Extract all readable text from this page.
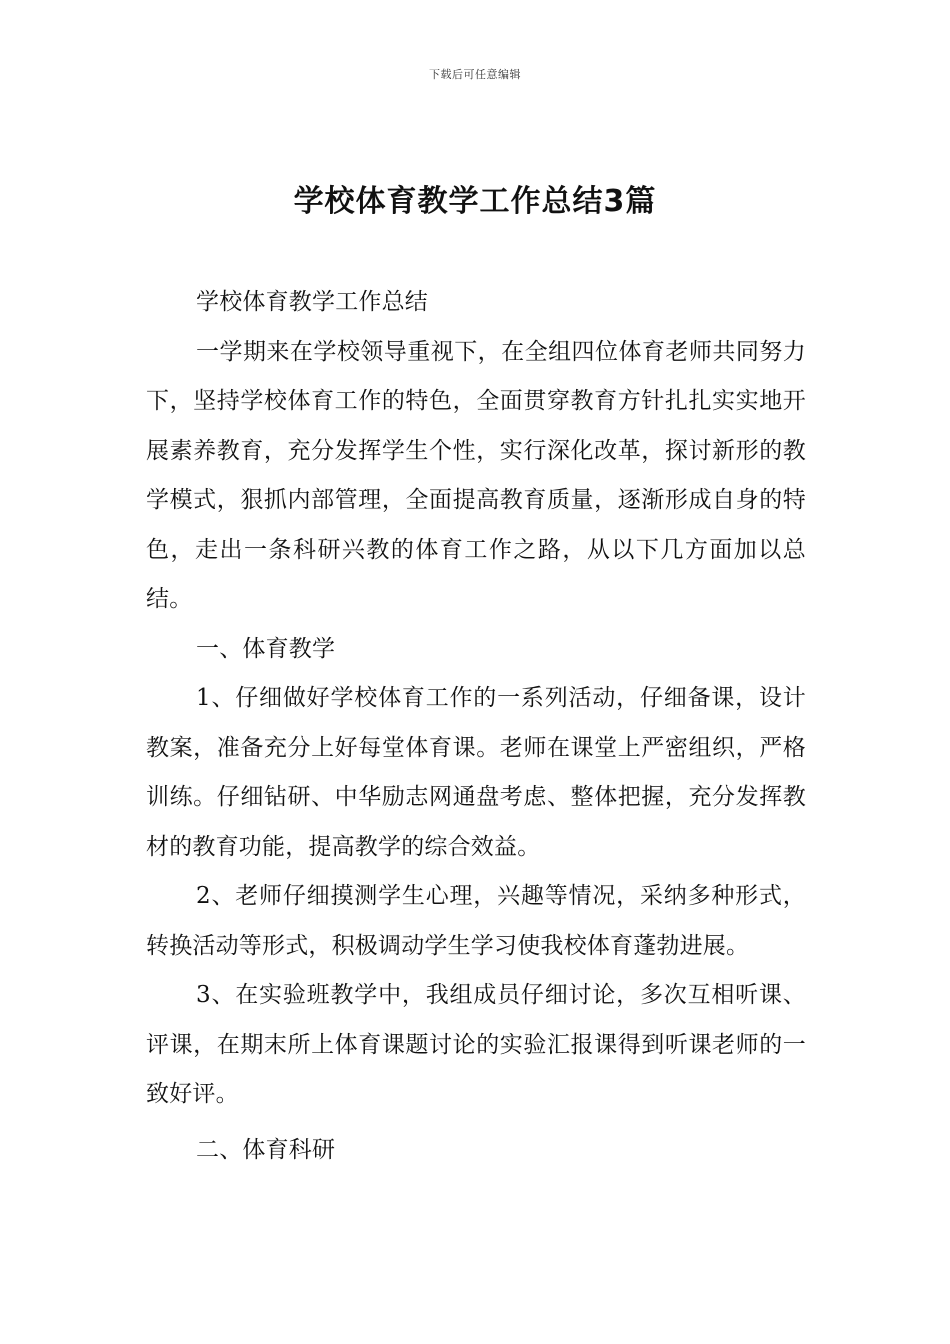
下载后可任意编辑
学校体育教学工作总结3篇

学校体育教学工作总结

一学期来在学校领导重视下，在全组四位体育老师共同努力下，坚持学校体育工作的特色，全面贯穿教育方针扎扎实实地开展素养教育，充分发挥学生个性，实行深化改革，探讨新形的教学模式，狠抓内部管理，全面提高教育质量，逐渐形成自身的特色，走出一条科研兴教的体育工作之路，从以下几方面加以总结。

一、体育教学

1、仔细做好学校体育工作的一系列活动，仔细备课，设计教案，准备充分上好每堂体育课。老师在课堂上严密组织，严格训练。仔细钻研、中华励志网通盘考虑、整体把握，充分发挥教材的教育功能，提高教学的综合效益。

2、老师仔细摸测学生心理，兴趣等情况，采纳多种形式，转换活动等形式，积极调动学生学习使我校体育蓬勃进展。

3、在实验班教学中，我组成员仔细讨论，多次互相听课、评课，在期末所上体育课题讨论的实验汇报课得到听课老师的一致好评。

二、体育科研
